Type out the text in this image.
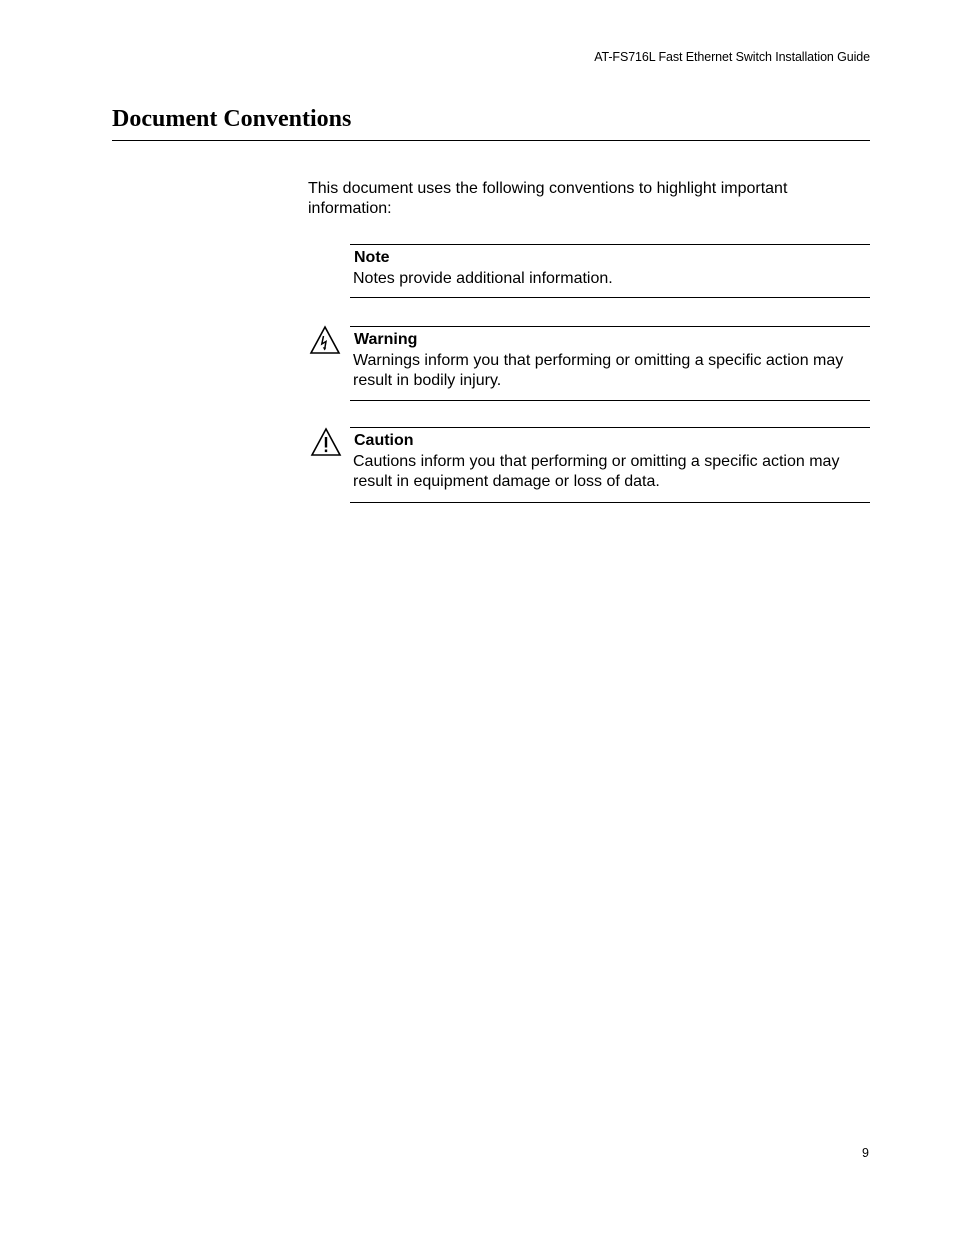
AT-FS716L Fast Ethernet Switch Installation Guide
Document Conventions

This document uses the following conventions to highlight important information:

Note
Notes provide additional information.
Warning
Warnings inform you that performing or omitting a specific action may result in bodily injury.
Caution
Cautions inform you that performing or omitting a specific action may result in equipment damage or loss of data.
9
